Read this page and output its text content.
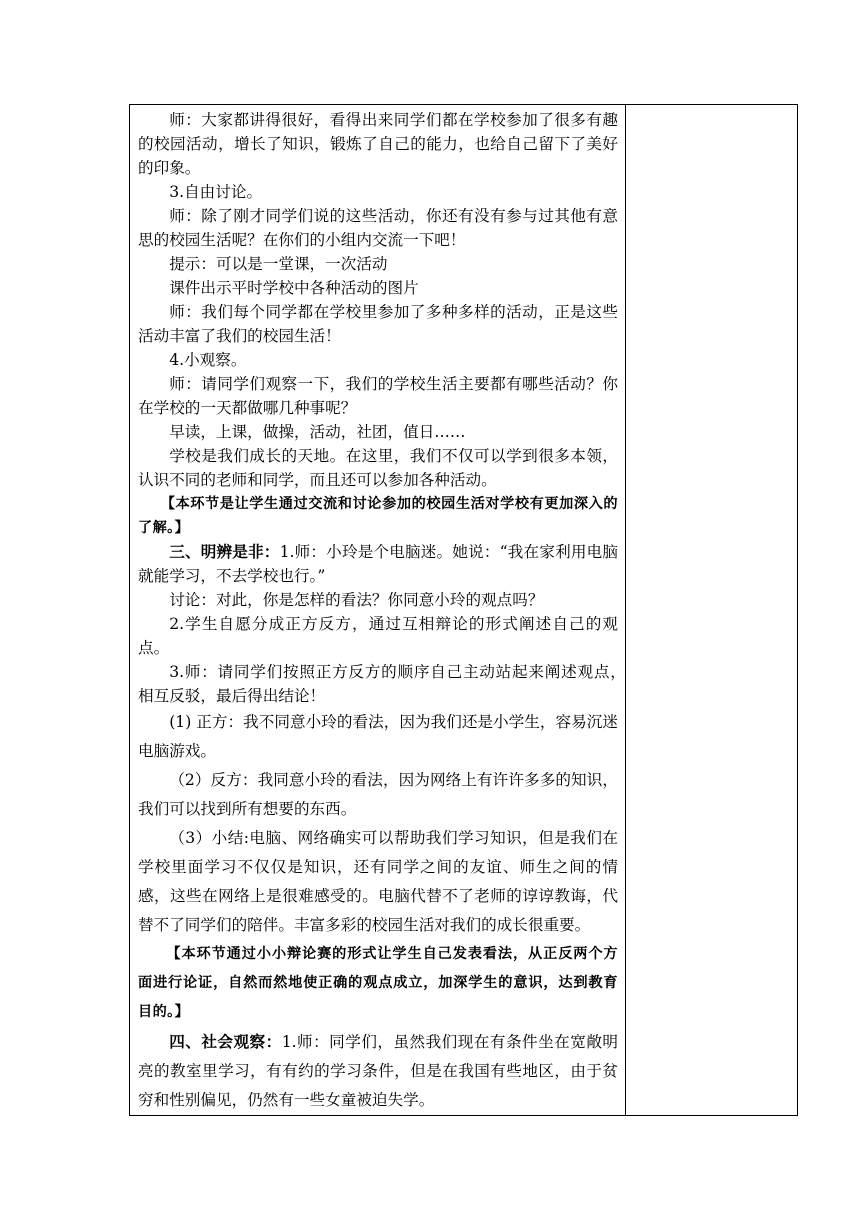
师：大家都讲得很好，看得出来同学们都在学校参加了很多有趣的校园活动，增长了知识，锻炼了自己的能力，也给自己留下了美好的印象。

3.自由讨论。

师：除了刚才同学们说的这些活动，你还有没有参与过其他有意思的校园生活呢？在你们的小组内交流一下吧！

提示：可以是一堂课，一次活动

课件出示平时学校中各种活动的图片

师：我们每个同学都在学校里参加了多种多样的活动，正是这些活动丰富了我们的校园生活！

4.小观察。

师：请同学们观察一下，我们的学校生活主要都有哪些活动？你在学校的一天都做哪几种事呢？

早读，上课，做操，活动，社团，值日……

学校是我们成长的天地。在这里，我们不仅可以学到很多本领，认识不同的老师和同学，而且还可以参加各种活动。

【本环节是让学生通过交流和讨论参加的校园生活对学校有更加深入的了解。】

三、明辨是非：1.师：小玲是个电脑迷。她说：“我在家利用电脑就能学习，不去学校也行。”

讨论：对此，你是怎样的看法？你同意小玲的观点吗？

2.学生自愿分成正方反方，通过互相辩论的形式阐述自己的观点。

3.师：请同学们按照正方反方的顺序自己主动站起来阐述观点，　相互反驳，最后得出结论！

(1) 正方：我不同意小玲的看法，因为我们还是小学生，容易沉迷电脑游戏。

（2）反方：我同意小玲的看法，因为网络上有许许多多的知识，我们可以找到所有想要的东西。

（3）小结:电脑、网络确实可以帮助我们学习知识，但是我们在学校里面学习不仅仅是知识，还有同学之间的友谊、师生之间的情感，这些在网络上是很难感受的。电脑代替不了老师的谆谆教诲，代替不了同学们的陪伴。丰富多彩的校园生活对我们的成长很重要。

【本环节通过小小辩论赛的形式让学生自己发表看法，从正反两个方面进行论证，自然而然地使正确的观点成立，加深学生的意识，达到教育目的。】

四、社会观察：1.师：同学们，虽然我们现在有条件坐在宽敞明亮的教室里学习，有有约的学习条件，但是在我国有些地区，由于贫穷和性别偏见，仍然有一些女童被迫失学。
